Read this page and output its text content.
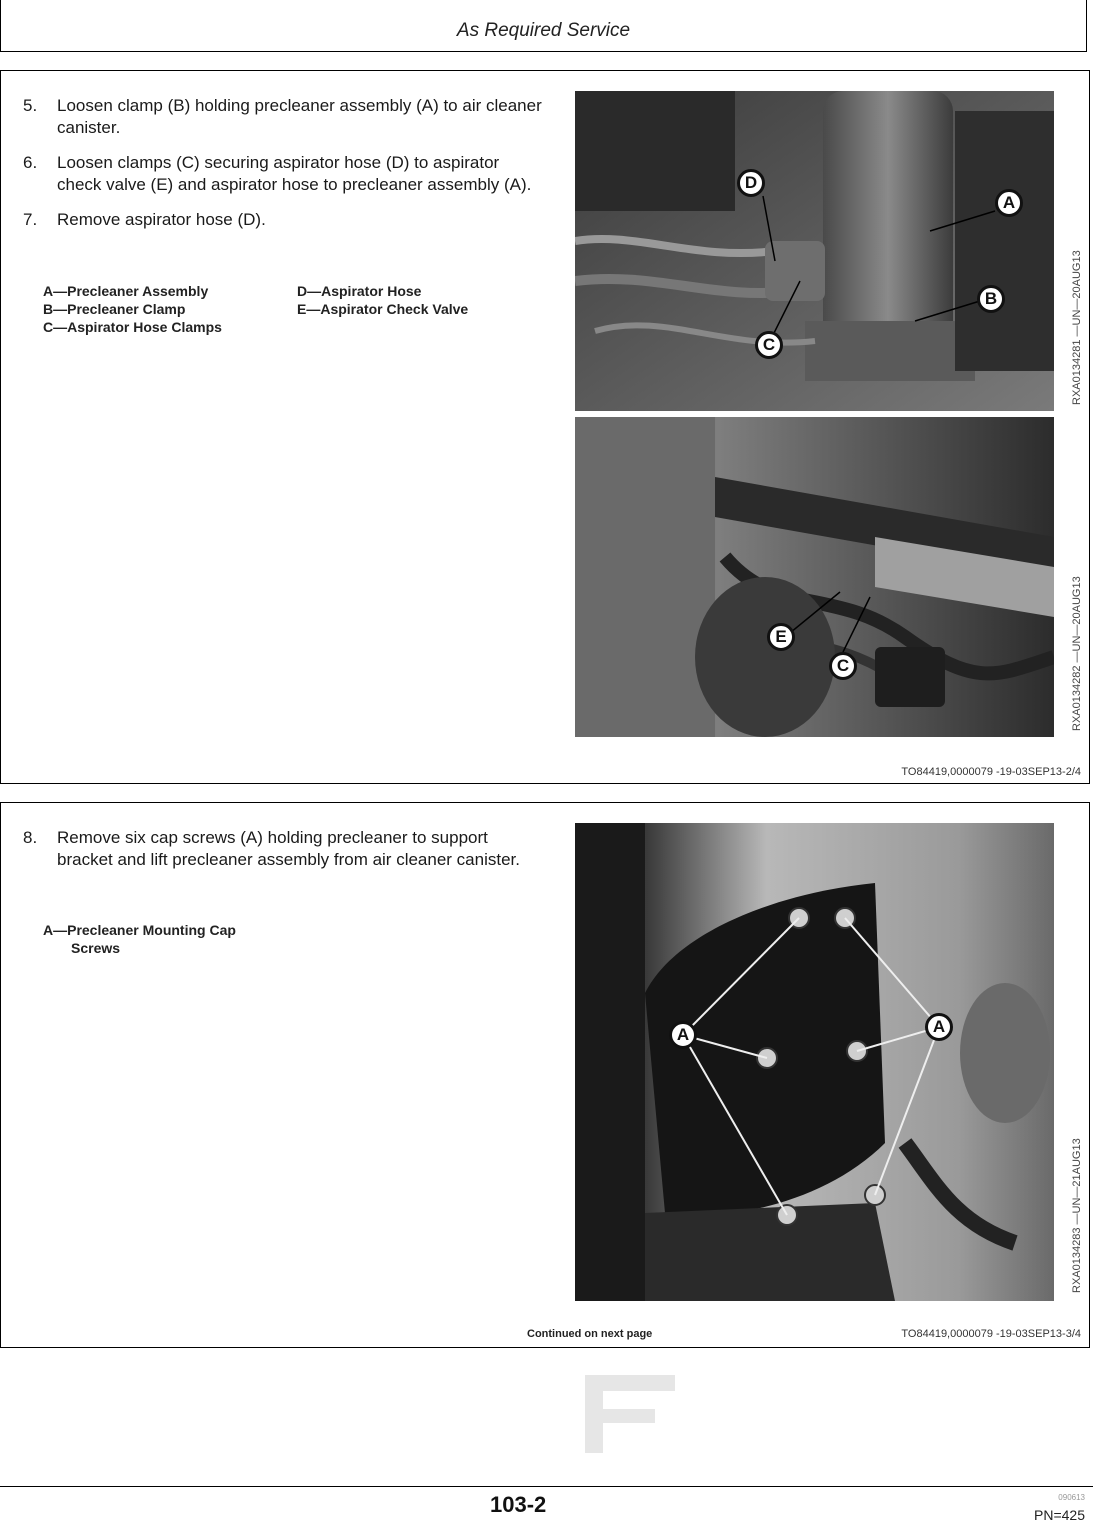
As Required Service
5.	Loosen clamp (B) holding precleaner assembly (A) to air cleaner canister.
6.	Loosen clamps (C) securing aspirator hose (D) to aspirator check valve (E) and aspirator hose to precleaner assembly (A).
7.	Remove aspirator hose (D).
A—Precleaner Assembly
B—Precleaner Clamp
C—Aspirator Hose Clamps
D—Aspirator Hose
E—Aspirator Check Valve
D
A
B
C	RXA0134281 —UN—20AUG13
E
C	RXA0134282 —UN—20AUG13
TO84419,0000079 -19-03SEP13-2/4
8.	Remove six cap screws (A) holding precleaner to support bracket and lift precleaner assembly from air cleaner canister.
A—Precleaner Mounting Cap
Screws
A	A
RXA0134283 —UN—21AUG13
Continued on next page	TO84419,0000079 -19-03SEP13-3/4
103-2	090613
PN=425
